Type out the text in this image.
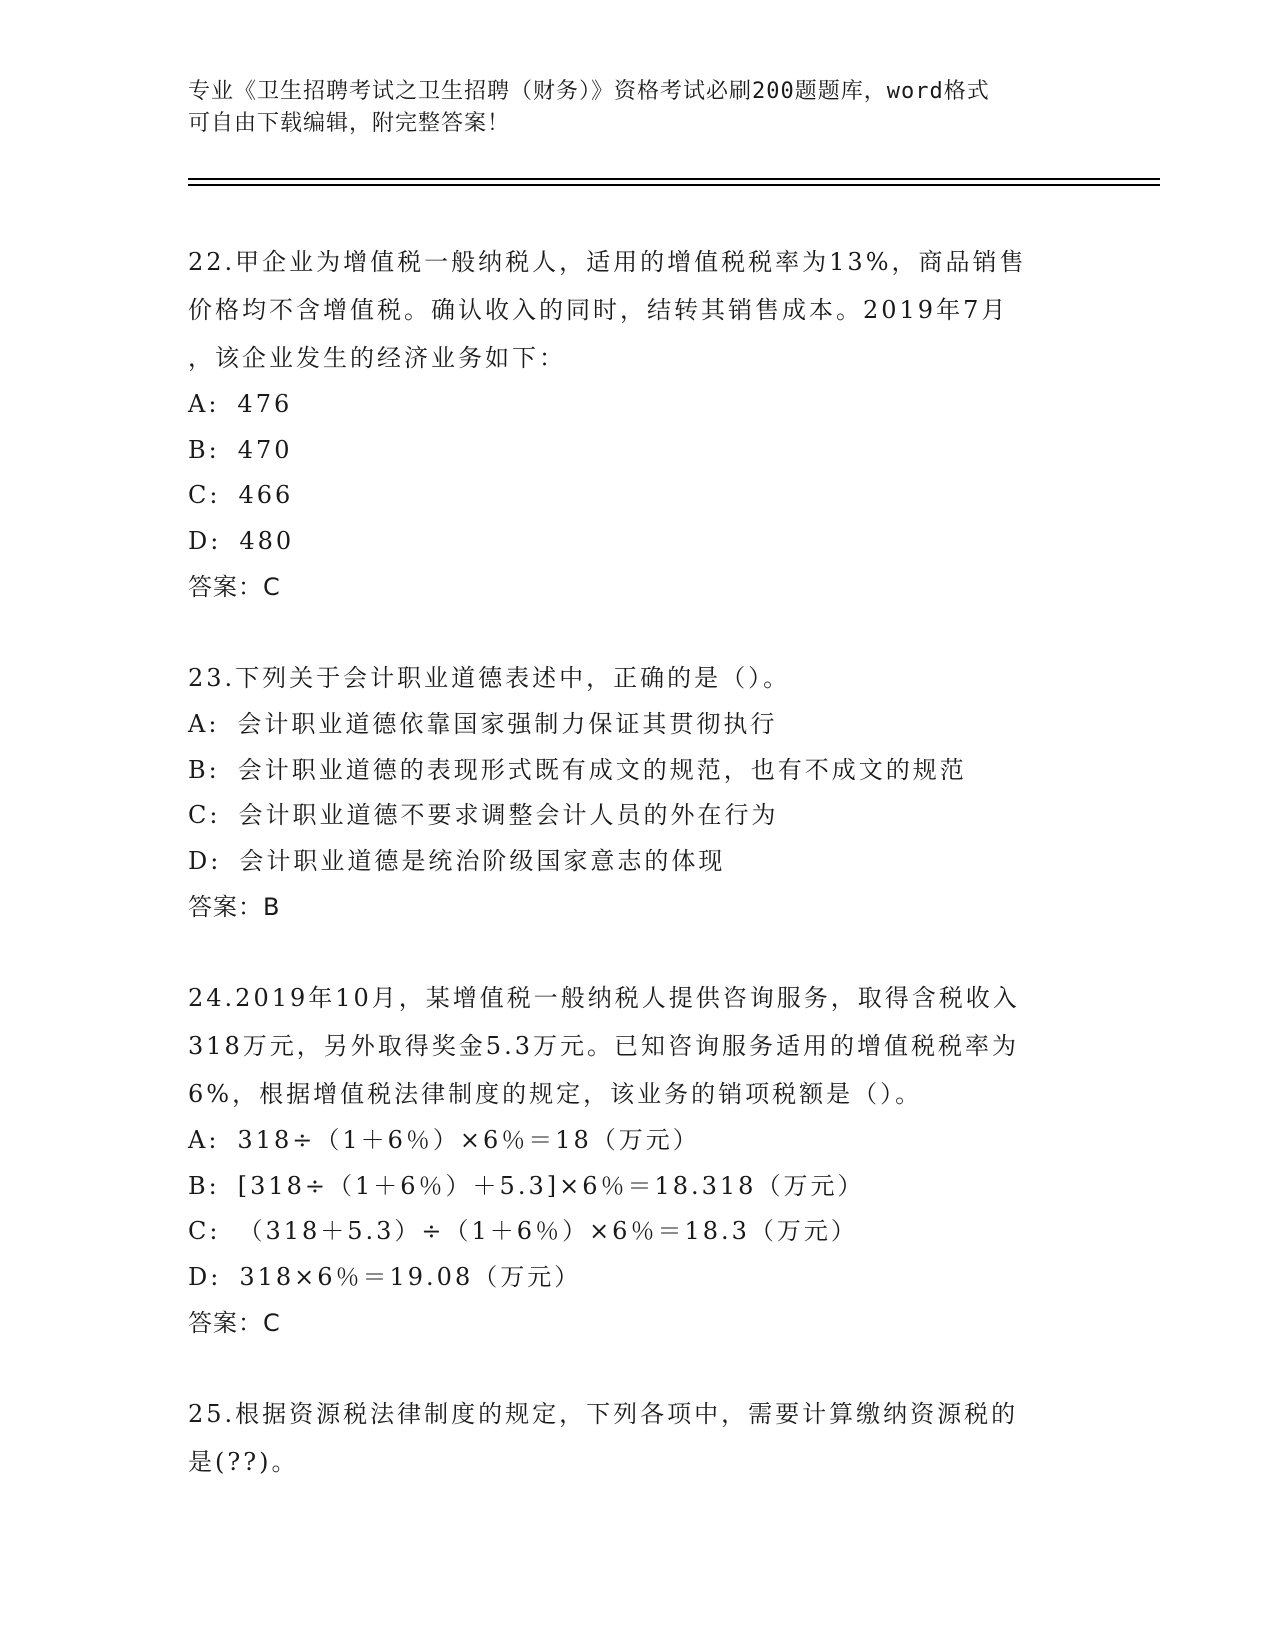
专业《卫生招聘考试之卫生招聘（财务）》资格考试必刷200题题库，word格式
可自由下载编辑，附完整答案！
22.甲企业为增值税一般纳税人，适用的增值税税率为13%，商品销售
价格均不含增值税。确认收入的同时，结转其销售成本。2019年7月
，该企业发生的经济业务如下：
A: 476
B: 470
C: 466
D: 480
答案：C
23.下列关于会计职业道德表述中，正确的是（）。
A: 会计职业道德依靠国家强制力保证其贯彻执行
B: 会计职业道德的表现形式既有成文的规范，也有不成文的规范
C: 会计职业道德不要求调整会计人员的外在行为
D: 会计职业道德是统治阶级国家意志的体现
答案：B
24.2019年10月，某增值税一般纳税人提供咨询服务，取得含税收入
318万元，另外取得奖金5.3万元。已知咨询服务适用的增值税税率为
6%，根据增值税法律制度的规定，该业务的销项税额是（）。
A: 318÷（1＋6％）×6％＝18（万元）
B: [318÷（1＋6％）＋5.3]×6％＝18.318（万元）
C: （318＋5.3）÷（1＋6％）×6％＝18.3（万元）
D: 318×6％＝19.08（万元）
答案：C
25.根据资源税法律制度的规定，下列各项中，需要计算缴纳资源税的
是(??)。
